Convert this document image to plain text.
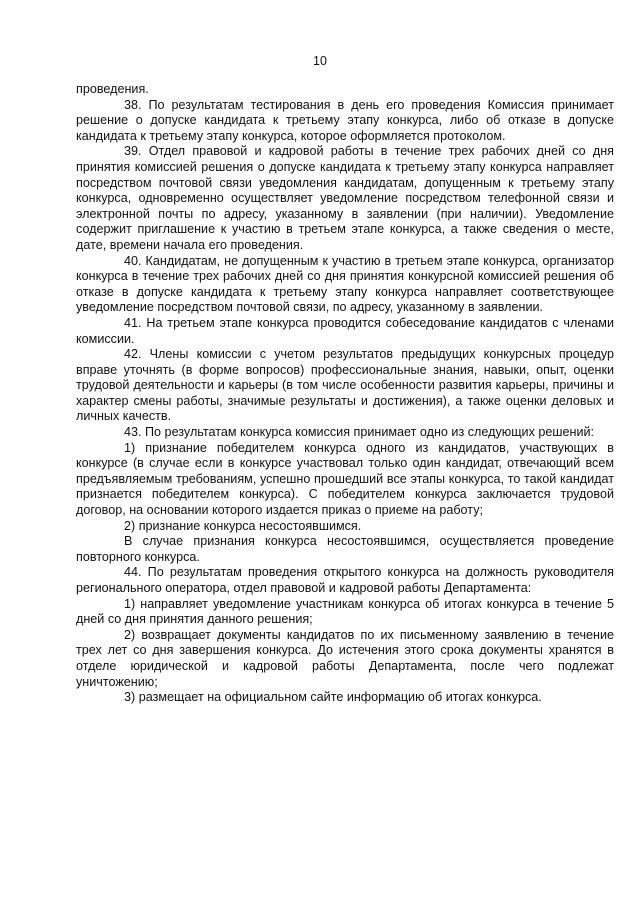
10

проведения.

38. По результатам тестирования в день его проведения Комиссия принимает решение о допуске кандидата к третьему этапу конкурса, либо об отказе в допуске кандидата к третьему этапу конкурса, которое оформляется протоколом.

39. Отдел правовой и кадровой работы в течение трех рабочих дней со дня принятия комиссией решения о допуске кандидата к третьему этапу конкурса направляет посредством почтовой связи уведомления кандидатам, допущенным к третьему этапу конкурса, одновременно осуществляет уведомление посредством телефонной связи и электронной почты по адресу, указанному в заявлении (при наличии). Уведомление содержит приглашение к участию в третьем этапе конкурса, а также сведения о месте, дате, времени начала его проведения.

40. Кандидатам, не допущенным к участию в третьем этапе конкурса, организатор конкурса в течение трех рабочих дней со дня принятия конкурсной комиссией решения об отказе в допуске кандидата к третьему этапу конкурса направляет соответствующее уведомление посредством почтовой связи, по адресу, указанному в заявлении.

41. На третьем этапе конкурса проводится собеседование кандидатов с членами комиссии.

42. Члены комиссии с учетом результатов предыдущих конкурсных процедур вправе уточнять (в форме вопросов) профессиональные знания, навыки, опыт, оценки трудовой деятельности и карьеры (в том числе особенности развития карьеры, причины и характер смены работы, значимые результаты и достижения), а также оценки деловых и личных качеств.

43. По результатам конкурса комиссия принимает одно из следующих решений:

1) признание победителем конкурса одного из кандидатов, участвующих в конкурсе (в случае если в конкурсе участвовал только один кандидат, отвечающий всем предъявляемым требованиям, успешно прошедший все этапы конкурса, то такой кандидат признается победителем конкурса). С победителем конкурса заключается трудовой договор, на основании которого издается приказ о приеме на работу;

2) признание конкурса несостоявшимся.

В случае признания конкурса несостоявшимся, осуществляется проведение повторного конкурса.

44. По результатам проведения открытого конкурса на должность руководителя регионального оператора, отдел правовой и кадровой работы Департамента:

1) направляет уведомление участникам конкурса об итогах конкурса в течение 5 дней со дня принятия данного решения;

2) возвращает документы кандидатов по их письменному заявлению в течение трех лет со дня завершения конкурса. До истечения этого срока документы хранятся в отделе юридической и кадровой работы Департамента, после чего подлежат уничтожению;

3) размещает на официальном сайте информацию об итогах конкурса.
